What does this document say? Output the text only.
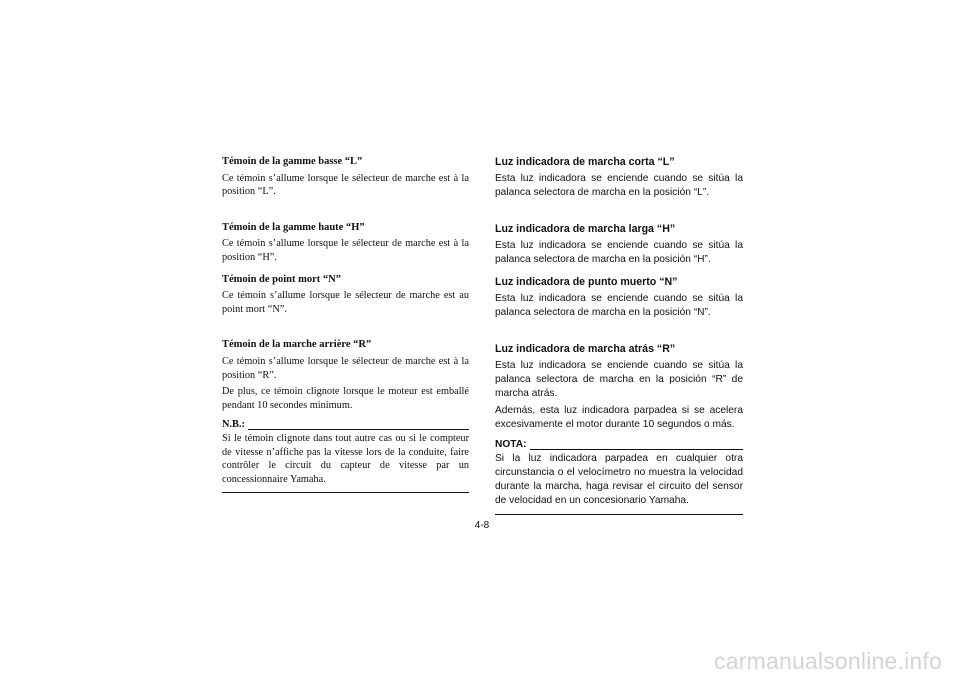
Témoin de la gamme basse “L”

Ce témoin s’allume lorsque le sélecteur de marche est à la position “L”.

Témoin de la gamme haute “H”

Ce témoin s’allume lorsque le sélecteur de marche est à la position “H”.

Témoin de point mort “N”

Ce témoin s’allume lorsque le sélecteur de marche est au point mort “N”.

Témoin de la marche arrière “R”

Ce témoin s’allume lorsque le sélecteur de marche est à la position “R”.

De plus, ce témoin clignote lorsque le moteur est emballé pendant 10 secondes minimum.

N.B.:

Si le témoin clignote dans tout autre cas ou si le compteur de vitesse n’affiche pas la vitesse lors de la conduite, faire contrôler le circuit du capteur de vitesse par un concessionnaire Yamaha.

Luz indicadora de marcha corta “L”

Esta luz indicadora se enciende cuando se sitúa la palanca selectora de marcha en la posición “L”.

Luz indicadora de marcha larga “H”

Esta luz indicadora se enciende cuando se sitúa la palanca selectora de marcha en la posición “H”.

Luz indicadora de punto muerto “N”

Esta luz indicadora se enciende cuando se sitúa la palanca selectora de marcha en la posición “N”.

Luz indicadora de marcha atrás “R”

Esta luz indicadora se enciende cuando se sitúa la palanca selectora de marcha en la posición “R” de marcha atrás.

Además, esta luz indicadora parpadea si se acelera excesivamente el motor durante 10 segundos o más.

NOTA:

Si la luz indicadora parpadea en cualquier otra circunstancia o el velocímetro no muestra la velocidad durante la marcha, haga revisar el circuito del sensor de velocidad en un concesionario Yamaha.

4-8
carmanualsonline.info
